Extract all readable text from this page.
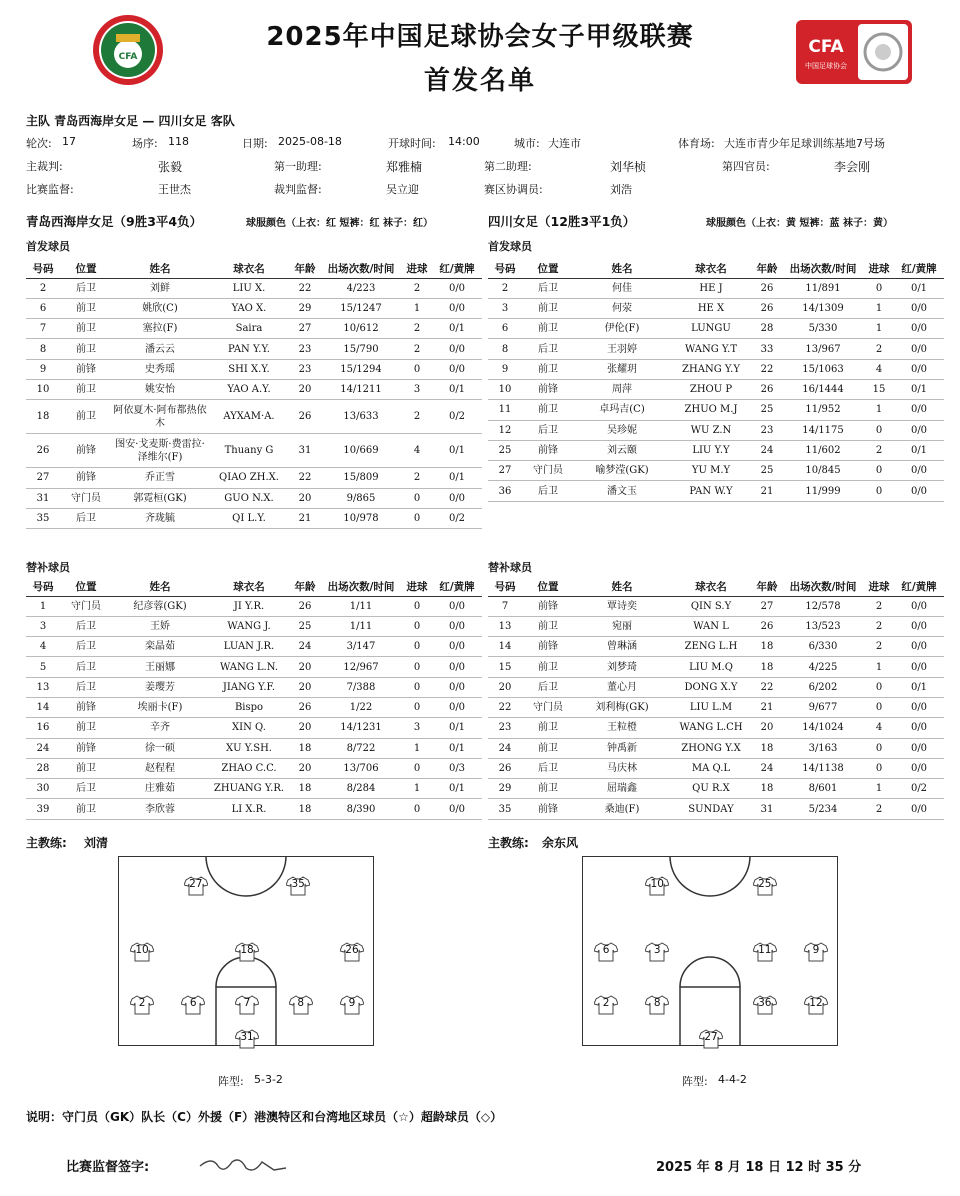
CFA
2025年中国足球协会女子甲级联赛
首发名单
CFA
中国足球协会
主队 青岛西海岸女足 — 四川女足 客队
轮次: 17	场序: 118	日期: 2025-08-18	开球时间: 14:00	城市: 大连市	体育场: 大连市青少年足球训练基地7号场
主裁判:	张毅	第一助理:	郑雅楠	第二助理:	刘华桢	第四官员:	李会刚
比赛监督:	王世杰	裁判监督:	吴立迎	赛区协调员:	刘浩
青岛西海岸女足（9胜3平4负）	球服颜色（上衣：红 短裤：红 袜子：红）	四川女足（12胜3平1负）	球服颜色（上衣：黄 短裤：蓝 袜子：黄）
首发球员	首发球员
号码	位置	姓名	球衣名	年龄	出场次数/时间	进球	红/黄牌
2	后卫	刘鲜	LIU X.	22	4/223	2	0/0
6	前卫	姚欣(C)	YAO X.	29	15/1247	1	0/0
7	前卫	塞拉(F)	Saira	27	10/612	2	0/1
8	前卫	潘云云	PAN Y.Y.	23	15/790	2	0/0
9	前锋	史秀瑶	SHI X.Y.	23	15/1294	0	0/0
10	前卫	姚安怡	YAO A.Y.	20	14/1211	3	0/1
18	前卫	阿依夏木·阿布都热依木	AYXAM·A.	26	13/633	2	0/2
26	前锋	图安·戈麦斯·费雷拉·泽维尔(F)	Thuany G	31	10/669	4	0/1
27	前锋	乔正雪	QIAO ZH.X.	22	15/809	2	0/1
31	守门员	郭霓桓(GK)	GUO N.X.	20	9/865	0	0/0
35	后卫	齐珑毓	QI L.Y.	21	10/978	0	0/2
号码	位置	姓名	球衣名	年龄	出场次数/时间	进球	红/黄牌
2	后卫	何佳	HE J	26	11/891	0	0/1
3	前卫	何荥	HE X	26	14/1309	1	0/0
6	前卫	伊伦(F)	LUNGU	28	5/330	1	0/0
8	后卫	王羽婷	WANG Y.T	33	13/967	2	0/0
9	前卫	张耀玥	ZHANG Y.Y	22	15/1063	4	0/0
10	前锋	周萍	ZHOU P	26	16/1444	15	0/1
11	前卫	卓玛吉(C)	ZHUO M.J	25	11/952	1	0/0
12	后卫	吴珍妮	WU Z.N	23	14/1175	0	0/0
25	前锋	刘云颐	LIU Y.Y	24	11/602	2	0/1
27	守门员	喻梦滢(GK)	YU M.Y	25	10/845	0	0/0
36	后卫	潘文玉	PAN W.Y	21	11/999	0	0/0
替补球员	替补球员
号码	位置	姓名	球衣名	年龄	出场次数/时间	进球	红/黄牌
1	守门员	纪彦蓉(GK)	JI Y.R.	26	1/11	0	0/0
3	后卫	王娇	WANG J.	25	1/11	0	0/0
4	后卫	栾晶茹	LUAN J.R.	24	3/147	0	0/0
5	后卫	王丽娜	WANG L.N.	20	12/967	0	0/0
13	后卫	姜璎芳	JIANG Y.F.	20	7/388	0	0/0
14	前锋	埃丽卡(F)	Bispo	26	1/22	0	0/0
16	前卫	辛齐	XIN Q.	20	14/1231	3	0/1
24	前锋	徐一硕	XU Y.SH.	18	8/722	1	0/1
28	前卫	赵程程	ZHAO C.C.	20	13/706	0	0/3
30	后卫	庄雅茹	ZHUANG Y.R.	18	8/284	1	0/1
39	前卫	李欣蓉	LI X.R.	18	8/390	0	0/0
号码	位置	姓名	球衣名	年龄	出场次数/时间	进球	红/黄牌
7	前锋	覃诗奕	QIN S.Y	27	12/578	2	0/0
13	前卫	宛丽	WAN L	26	13/523	2	0/0
14	前锋	曾琳涵	ZENG L.H	18	6/330	2	0/0
15	前卫	刘梦琦	LIU M.Q	18	4/225	1	0/0
20	后卫	董心月	DONG X.Y	22	6/202	0	0/1
22	守门员	刘利梅(GK)	LIU L.M	21	9/677	0	0/0
23	前卫	王粒橙	WANG L.CH	20	14/1024	4	0/0
24	前卫	钟禹新	ZHONG Y.X	18	3/163	0	0/0
26	后卫	马庆林	MA Q.L	24	14/1138	0	0/0
29	前卫	屈瑞鑫	QU R.X	18	8/601	1	0/2
35	前锋	桑迪(F)	SUNDAY	31	5/234	2	0/0
主教练: 刘清	主教练: 余东风
27	35
10	18	26
2	6	7	8	9
31
10	25
6	3	11	9
2	8	36	12
27
阵型: 5-3-2	阵型: 4-4-2
说明：守门员（GK）队长（C）外援（F）港澳特区和台湾地区球员（☆）超龄球员（◇）
比赛监督签字:	2025 年 8 月 18 日 12 时 35 分
